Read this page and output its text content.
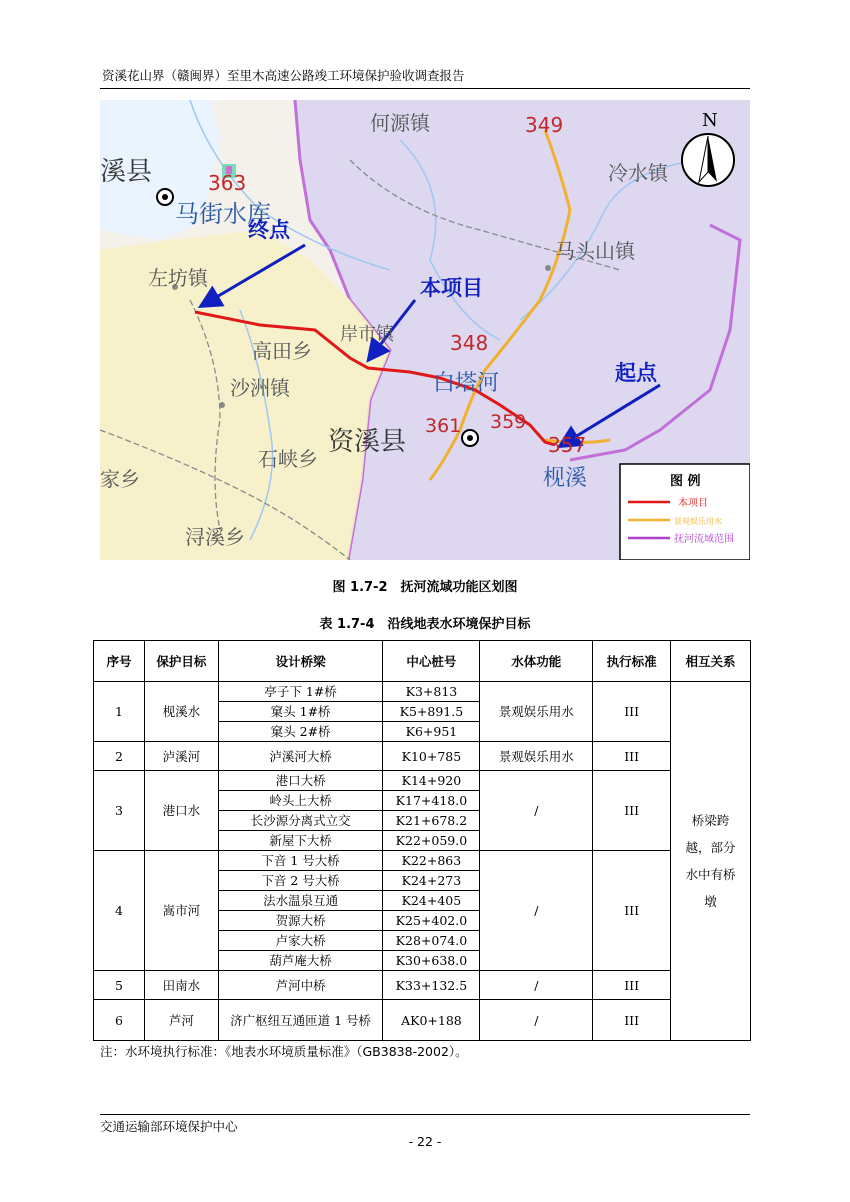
资溪花山界（赣闽界）至里木高速公路竣工环境保护验收调查报告
何源镇	349
溪县	363	冷水镇
马街水库
终点
马头山镇
左坊镇	本项目
岸市镇	348
高田乡
白塔河	起点
沙洲镇
资溪县
361 359
357
石峡乡
枧溪
家乡
浔溪乡
N
图 例
本项目
景观娱乐用水
抚河流域范围
图 1.7-2　抚河流域功能区划图
表 1.7-4　沿线地表水环境保护目标
序号	保护目标	设计桥梁	中心桩号	水体功能	执行标准	相互关系
1	枧溪水	亭子下 1#桥	K3+813	景观娱乐用水	III	桥梁跨越，部分水中有桥墩
		窠头 1#桥	K5+891.5			
		窠头 2#桥	K6+951			
2	泸溪河	泸溪河大桥	K10+785	景观娱乐用水	III	
3	港口水	港口大桥	K14+920	/	III	
		岭头上大桥	K17+418.0			
		长沙源分离式立交	K21+678.2			
		新屋下大桥	K22+059.0			
4	嵩市河	下音 1 号大桥	K22+863	/	III	
		下音 2 号大桥	K24+273			
		法水温泉互通	K24+405			
		贺源大桥	K25+402.0			
		卢家大桥	K28+074.0			
		葫芦庵大桥	K30+638.0			
5	田南水	芦河中桥	K33+132.5	/	III	
6	芦河	济广枢纽互通匝道 1 号桥	AK0+188	/	III	
注：水环境执行标准：《地表水环境质量标准》（GB3838-2002）。
交通运输部环境保护中心
- 22 -
